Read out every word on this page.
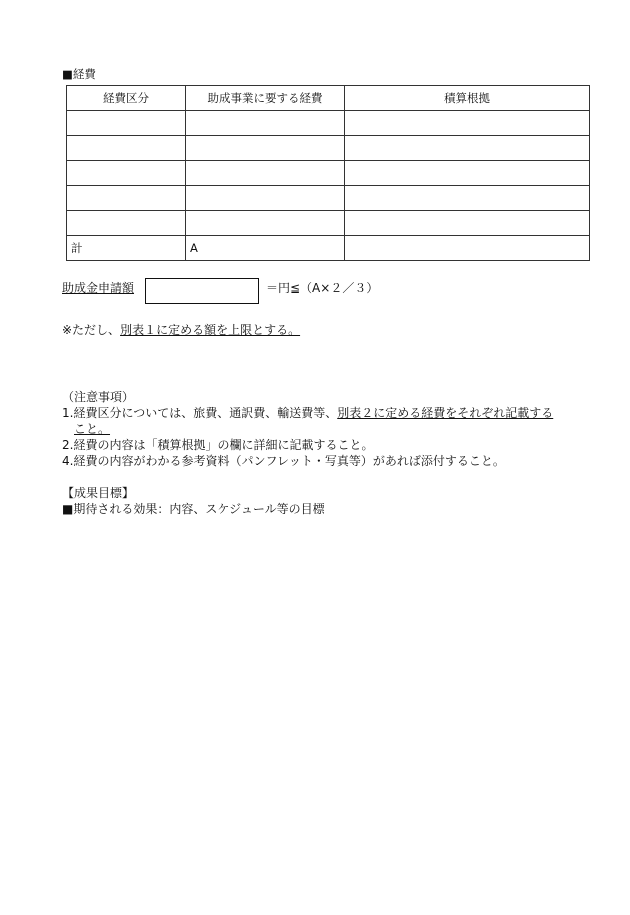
■経費
経費区分	助成事業に要する経費	積算根拠

計	A	
助成金申請額	＝円≦（A×２／３）
※ただし、別表１に定める額を上限とする。
（注意事項）
1.経費区分については、旅費、通訳費、輸送費等、別表２に定める経費をそれぞれ記載する
こと。
2.経費の内容は「積算根拠」の欄に詳細に記載すること。
4.経費の内容がわかる参考資料（パンフレット・写真等）があれば添付すること。
【成果目標】
■期待される効果：内容、スケジュール等の目標
